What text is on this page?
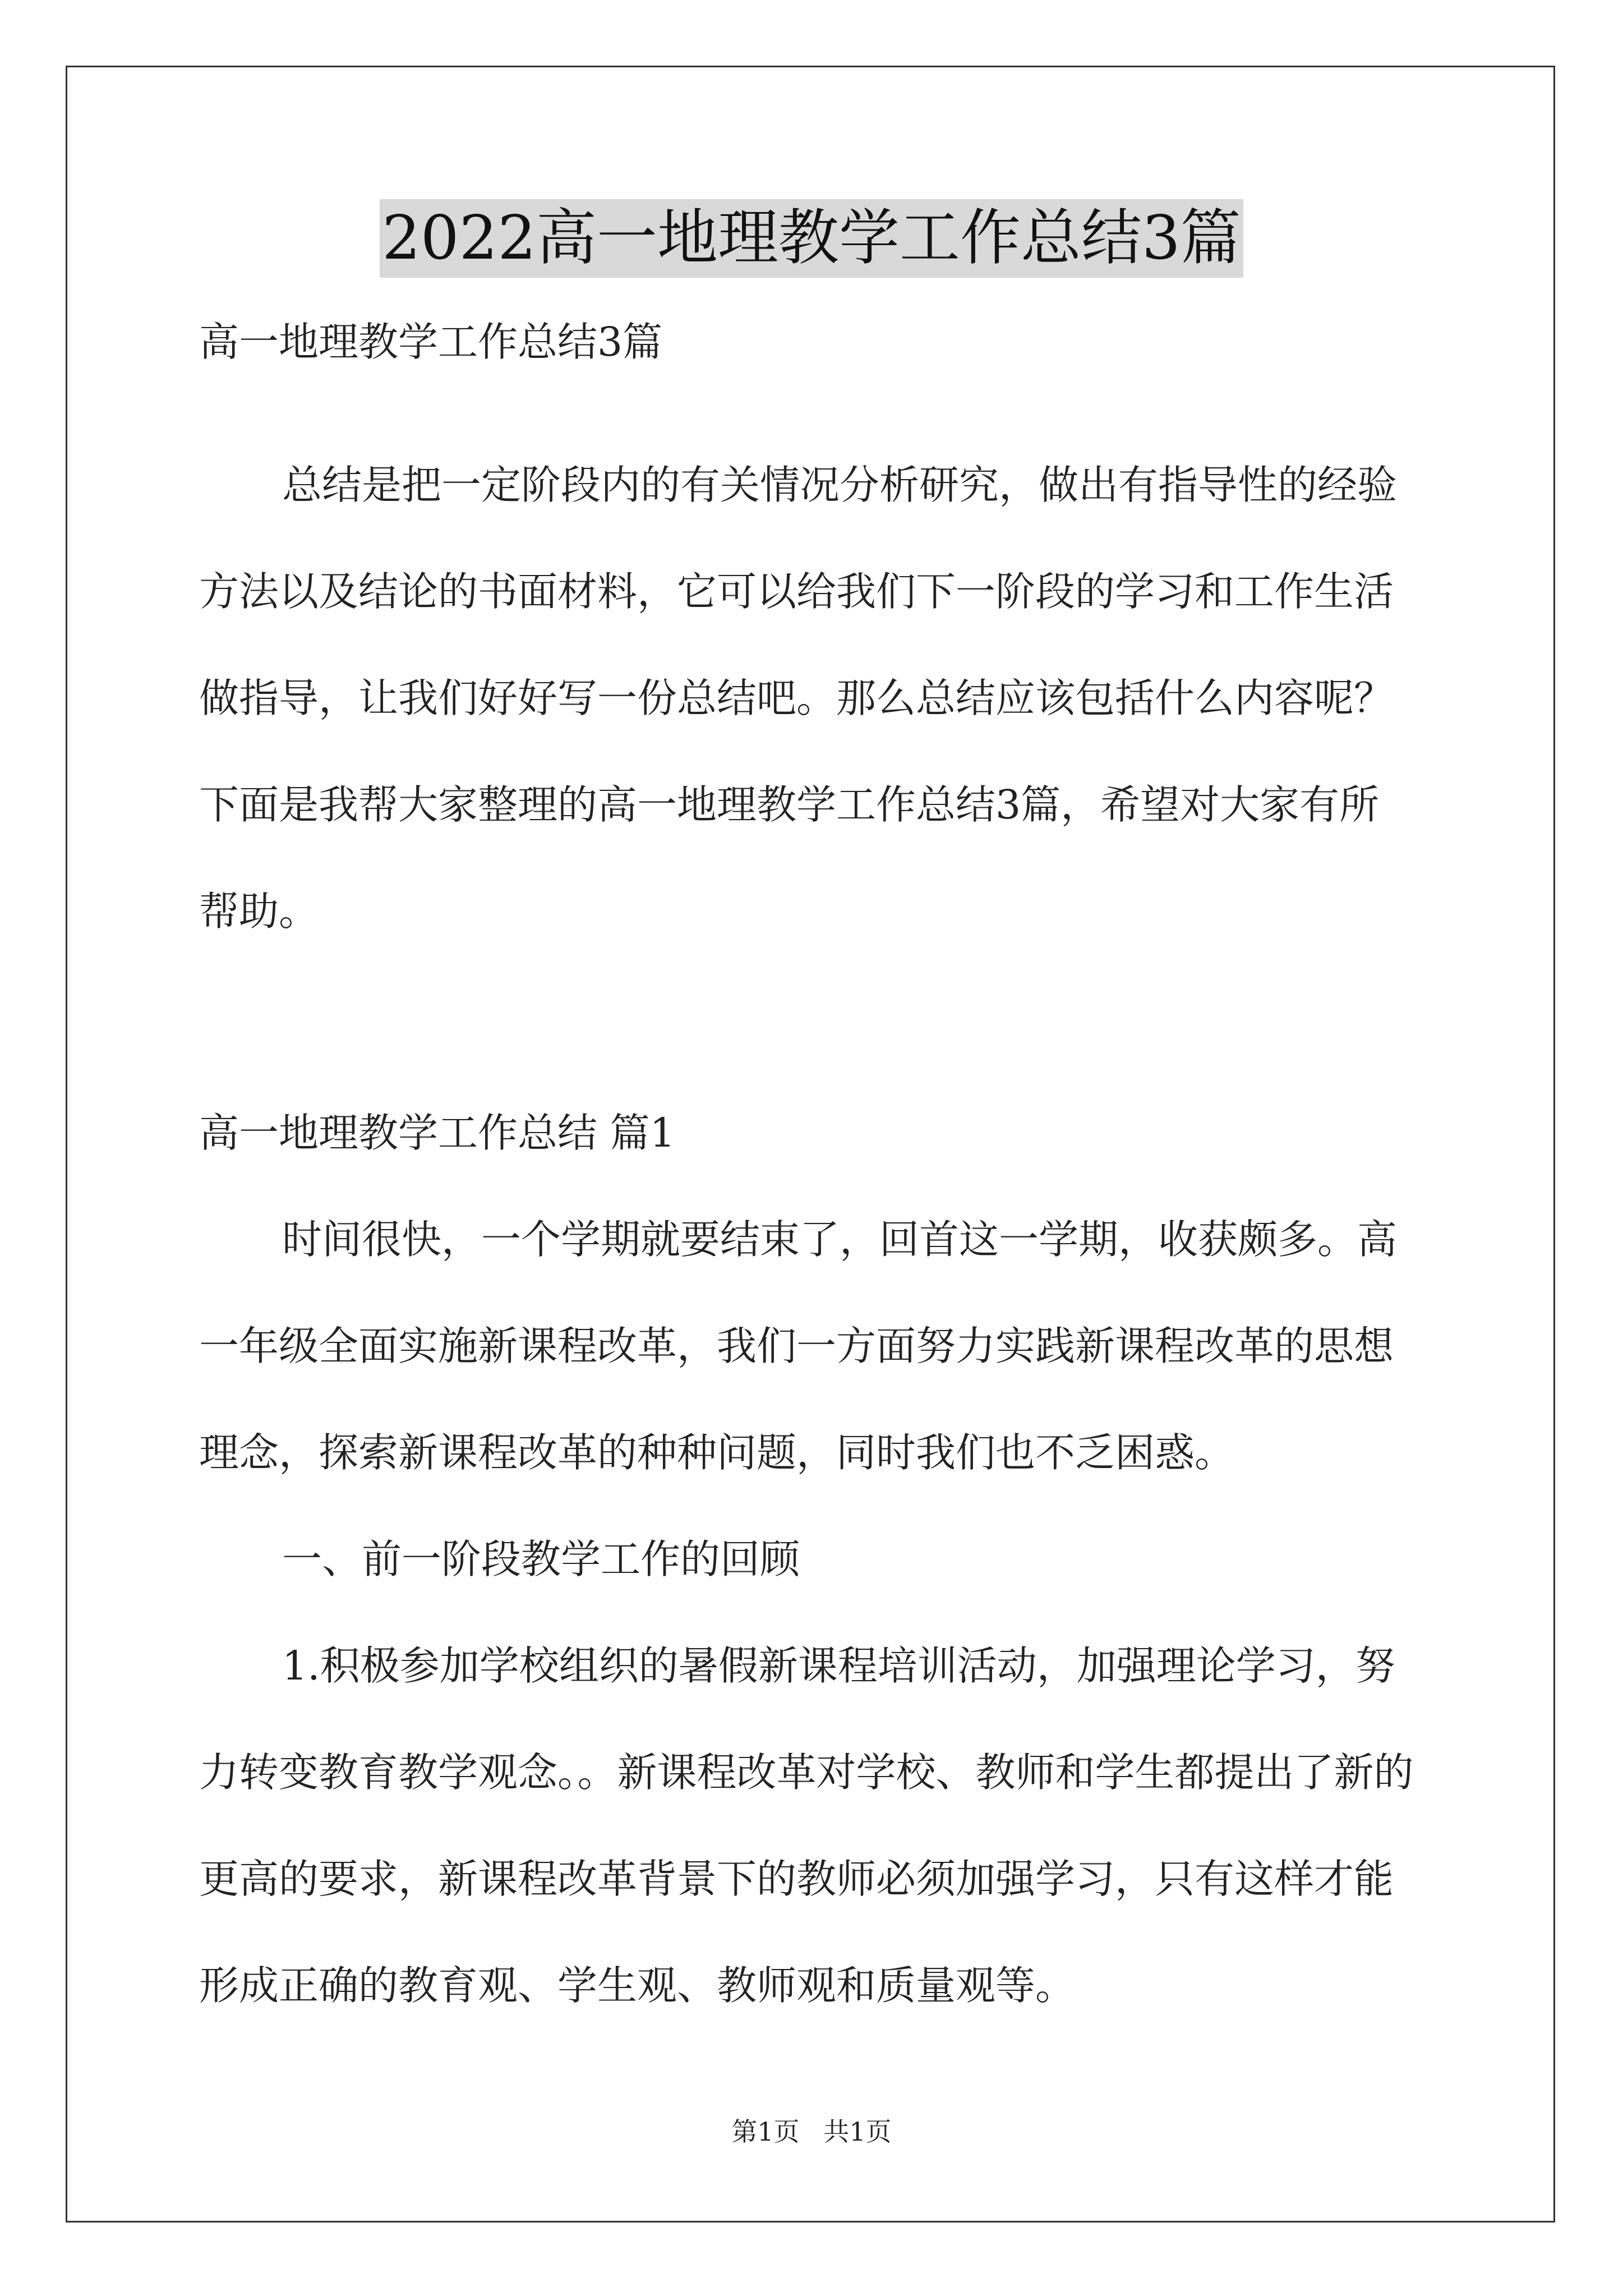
2022高一地理教学工作总结3篇
高一地理教学工作总结3篇
总结是把一定阶段内的有关情况分析研究，做出有指导性的经验
方法以及结论的书面材料，它可以给我们下一阶段的学习和工作生活
做指导，让我们好好写一份总结吧。那么总结应该包括什么内容呢？
下面是我帮大家整理的高一地理教学工作总结3篇，希望对大家有所
帮助。
高一地理教学工作总结 篇1
时间很快，一个学期就要结束了，回首这一学期，收获颇多。高
一年级全面实施新课程改革，我们一方面努力实践新课程改革的思想
理念，探索新课程改革的种种问题，同时我们也不乏困惑。
一、前一阶段教学工作的回顾
1.积极参加学校组织的暑假新课程培训活动，加强理论学习，努
力转变教育教学观念。。新课程改革对学校、教师和学生都提出了新的
更高的要求，新课程改革背景下的教师必须加强学习，只有这样才能
形成正确的教育观、学生观、教师观和质量观等。
第1页 共1页
